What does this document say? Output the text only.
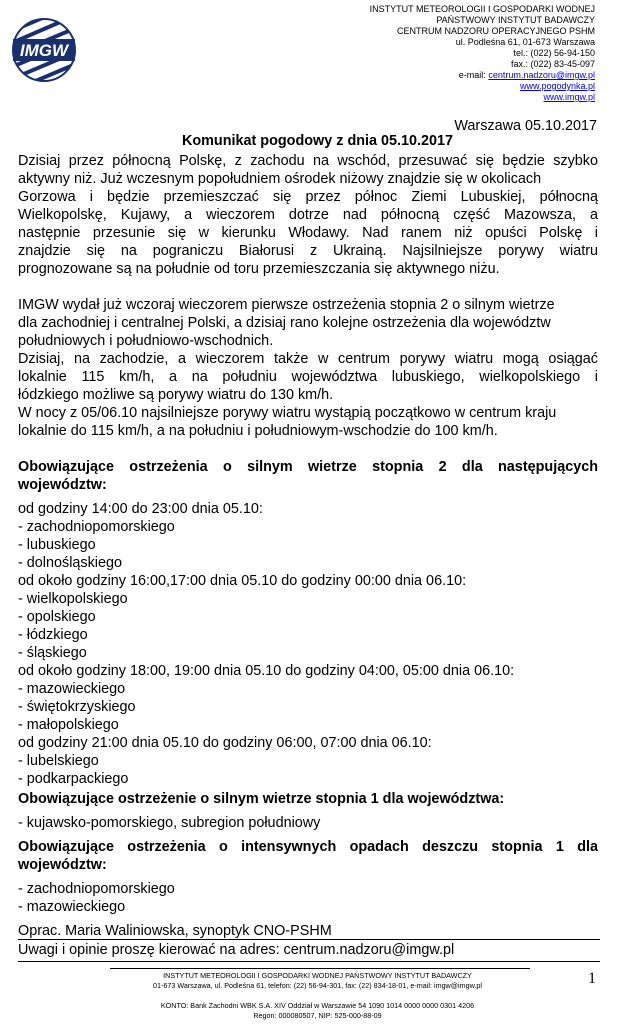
IMGW
INSTYTUT METEOROLOGII I GOSPODARKI WODNEJ
PAŃSTWOWY INSTYTUT BADAWCZY
CENTRUM NADZORU OPERACYJNEGO PSHM
ul. Podleśna 61, 01-673 Warszawa
tel.: (022) 56-94-150
fax.: (022) 83-45-097
e-mail: centrum.nadzoru@imgw.pl
www.pogodynka.pl
www.imgw.pl
Warszawa 05.10.2017
Komunikat pogodowy z dnia 05.10.2017
Dzisiaj przez północną Polskę, z zachodu na wschód, przesuwać się będzie szybko
aktywny niż. Już wczesnym popołudniem ośrodek niżowy znajdzie się w okolicach
Gorzowa i będzie przemieszczać się przez północ Ziemi Lubuskiej, północną
Wielkopolskę, Kujawy, a wieczorem dotrze nad północną część Mazowsza, a
następnie przesunie się w kierunku Włodawy. Nad ranem niż opuści Polskę i
znajdzie się na pograniczu Białorusi z Ukrainą. Najsilniejsze porywy wiatru
prognozowane są na południe od toru przemieszczania się aktywnego niżu.
IMGW wydał już wczoraj wieczorem pierwsze ostrzeżenia stopnia 2 o silnym wietrze
dla zachodniej i centralnej Polski, a dzisiaj rano kolejne ostrzeżenia dla województw
południowych i południowo-wschodnich.
Dzisiaj, na zachodzie, a wieczorem także w centrum porywy wiatru mogą osiągać
lokalnie 115 km/h, a na południu województwa lubuskiego, wielkopolskiego i
łódzkiego możliwe są porywy wiatru do 130 km/h.
W nocy z 05/06.10 najsilniejsze porywy wiatru wystąpią początkowo w centrum kraju
lokalnie do 115 km/h, a na południu i południowym-wschodzie do 100 km/h.
Obowiązujące ostrzeżenia o silnym wietrze stopnia 2 dla następujących
województw:
od godziny 14:00 do 23:00 dnia 05.10:
- zachodniopomorskiego
- lubuskiego
- dolnośląskiego
od około godziny 16:00,17:00 dnia 05.10 do godziny 00:00 dnia 06.10:
- wielkopolskiego
- opolskiego
- łódzkiego
- śląskiego
od około godziny 18:00, 19:00 dnia 05.10 do godziny 04:00, 05:00 dnia 06.10:
- mazowieckiego
- świętokrzyskiego
- małopolskiego
od godziny 21:00 dnia 05.10 do godziny 06:00, 07:00 dnia 06.10:
- lubelskiego
- podkarpackiego
Obowiązujące ostrzeżenie o silnym wietrze stopnia 1 dla województwa:
- kujawsko-pomorskiego, subregion południowy
Obowiązujące ostrzeżenia o intensywnych opadach deszczu stopnia 1 dla
województw:
- zachodniopomorskiego
- mazowieckiego
Oprac. Maria Waliniowska, synoptyk CNO-PSHM
Uwagi i opinie proszę kierować na adres: centrum.nadzoru@imgw.pl
INSTYTUT METEOROLOGII I GOSPODARKI WODNEJ PAŃSTWOWY INSTYTUT BADAWCZY
01-673 Warszawa, ul. Podleśna 61, telefon: (22) 56-94-301, fax: (22) 834-18-01, e-mail: imgw@imgw.pl
KONTO: Bank Zachodni WBK S.A. XIV Oddział w Warszawie 54 1090 1014 0000 0000 0301 4206
Regon: 000080507, NIP: 525-000-88-09
1
